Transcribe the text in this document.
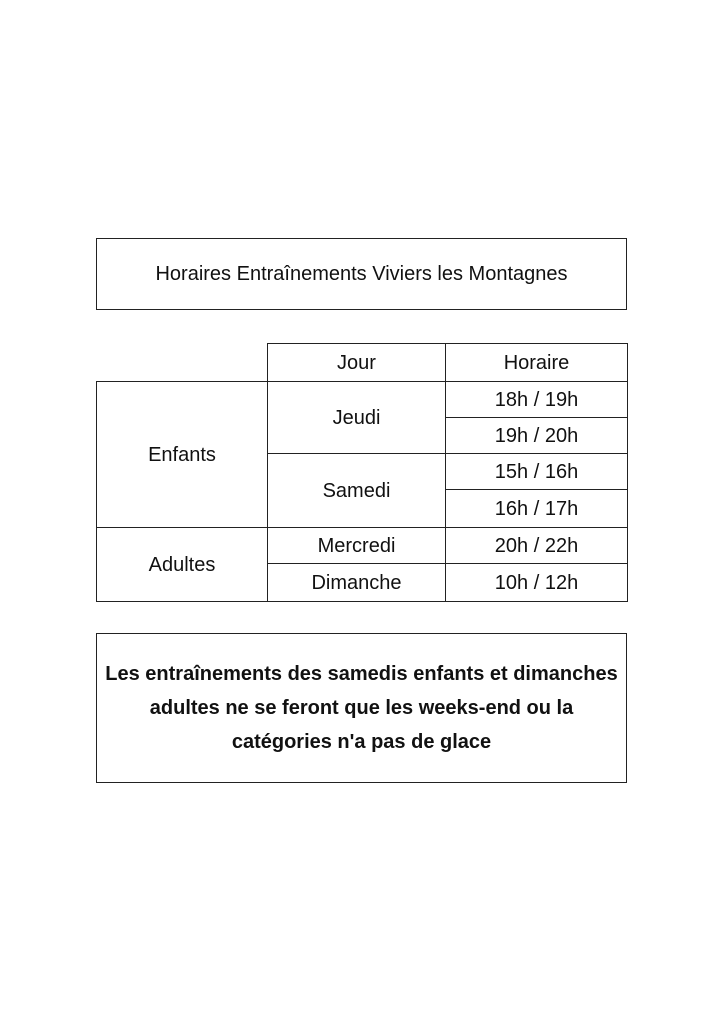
Horaires Entraînements Viviers les Montagnes
	Jour	Horaire
Enfants	Jeudi	18h / 19h
		19h / 20h
	Samedi	15h / 16h
		16h / 17h
Adultes	Mercredi	20h / 22h
	Dimanche	10h / 12h
Les entraînements des samedis enfants et dimanches adultes ne se feront que les weeks-end ou la catégories n'a pas de glace
